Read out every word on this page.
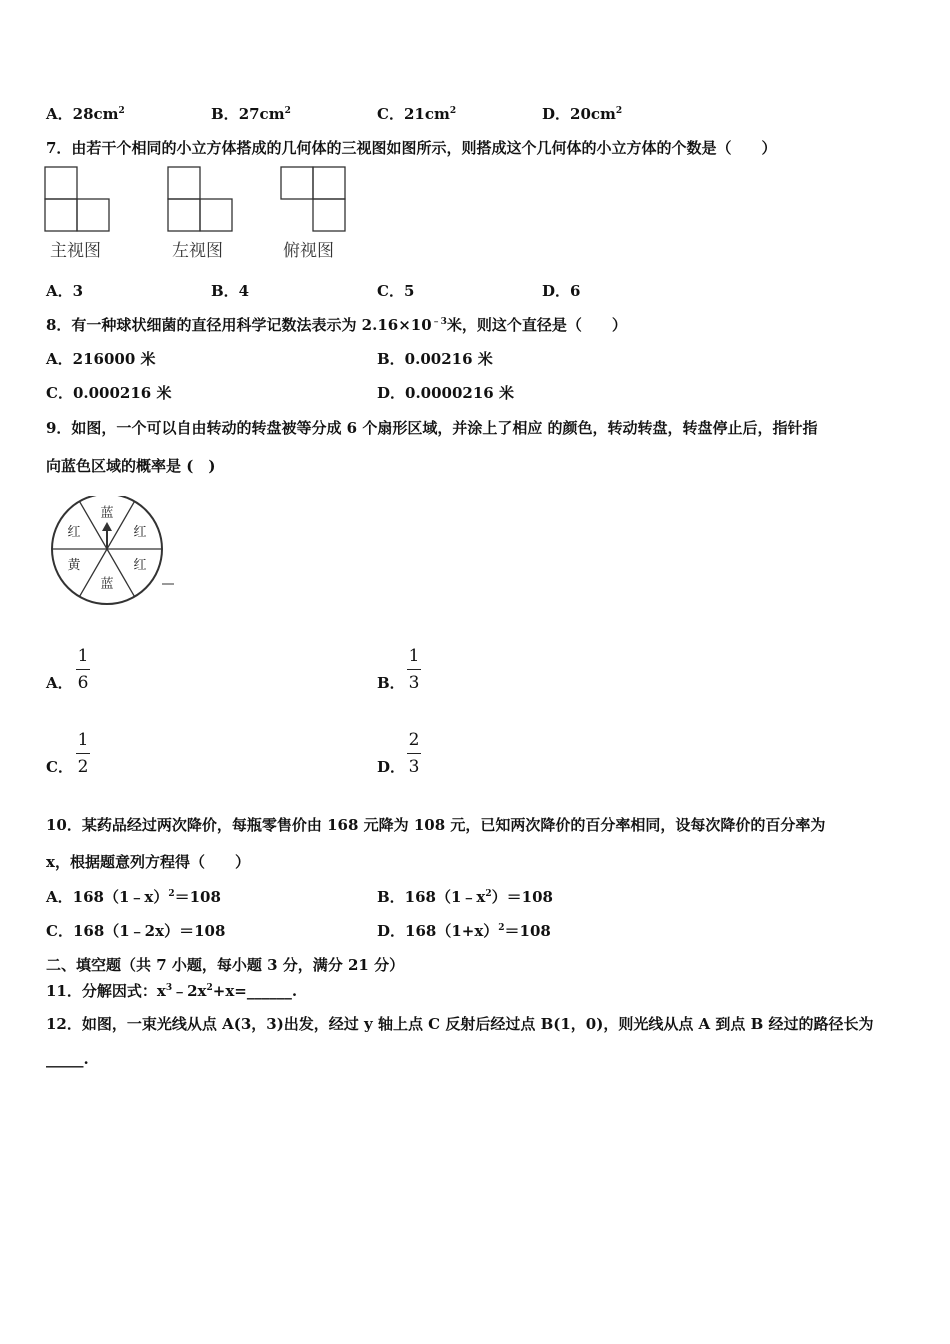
A．$28cm^2$	B．$27cm^2$	C．$21cm^2$	D．$20cm^2$
7．由若干个相同的小立方体搭成的几何体的三视图如图所示，则搭成这个几何体的小立方体的个数是（　　）
主视图	左视图	俯视图
A．3	B．4	C．5	D．6
8．有一种球状细菌的直径用科学记数法表示为 $2.16\times 10^{﹣3}$米，则这个直径是（　　）
A．216000 米	B．0.00216 米
C．0.000216 米	D．0.0000216 米
9．如图，一个可以自由转动的转盘被等分成 6 个扇形区域，并涂上了相应 的颜色，转动转盘，转盘停止后，指针指
向蓝色区域的概率是 (　)
蓝
红
红
蓝
黄
红
A．
1
6	B．
1
3
C．
1
2	D．
2
3
10．某药品经过两次降价，每瓶零售价由 168 元降为 108 元，已知两次降价的百分率相同，设每次降价的百分率为
x，根据题意列方程得（　　）
A．168（1﹣x）$^2$＝108	B．$168(1﹣x^2)=108$
C．168（1﹣2x）＝108	D．$168(1+x)^2=108$
二、填空题（共 7 小题，每小题 3 分，满分 21 分）
11．分解因式：$x^3﹣2x^2+x=\_\_\_\_\_\_$.
12．如图，一束光线从点 A(3，3)出发，经过 y 轴上点 C 反射后经过点 B(1，0)，则光线从点 A 到点 B 经过的路径长为
_____.
